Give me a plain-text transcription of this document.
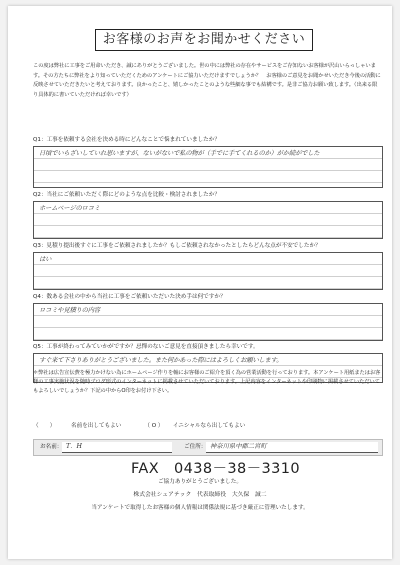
お客様のお声をお聞かせください
この度は弊社に工事をご用命いただき、誠にありがとうございました。世の中には弊社の存在やサービスをご存知ないお客様が沢山いらっしゃいます。その方たちに弊社をより知っていただくためのアンケートにご協力いただけますでしょうか？　お客様のご意見をお聞かせいただき今後の活動に反映させていただきたいと考えております。良かったこと、嬉しかったことのような些細な事でも結構です。是非ご協力お願い致します。（出来る限り具体的に書いていただければ幸いです）
Q1：工事を依頼する会社を決める時にどんなことで悩まれていましたか？
日頃でいらざいしていれ思いますが、ないがないで私の物が（手でに手てくれるのか）がか続がでした
Q2：当社にご依頼いただく際にどのような点を比較・検討されましたか？
ホームページのロコミ
Q3：見積り提出後すぐに工事をご依頼されましたか？もしご依頼されなかったとしたらどんな点が不安でしたか？
はい
Q4：数ある会社の中から当社に工事をご依頼いただいた決め手は何ですか？
ロコミや見積りの内容
Q5：工事が終わってみていかがですか？忌憚のないご意見を直接頂きましたら幸いです。
すぐ来て下さりありがとうございました。また何かあった際にはよろしくお願いします。
＊弊社は広告宣伝費を極力かけない為にホームページ作りを軸にお客様のご紹介を頂く為の営業活動を行っております。本アンケート用紙またはお客様の工事実施状況を随時ブログ形式のインターネットに掲載させていただいております。上記内容をインターネットや印刷物に掲載させていただいてもよろしいでしょうか？下記の中からO印をお付け下さい。
（　　）	名前を出してもよい	（ O ） イニシャルなら出してもよい
お名前： T．H	ご住所： 神奈川県中郡二宮町
FAX　0438－38－3310
ご協力ありがとうございました。
株式会社シェアテック　代表取締役　大久保　誠二
当アンケートで取得したお客様の個人情報は関係法規に基づき厳正に管理いたします。
